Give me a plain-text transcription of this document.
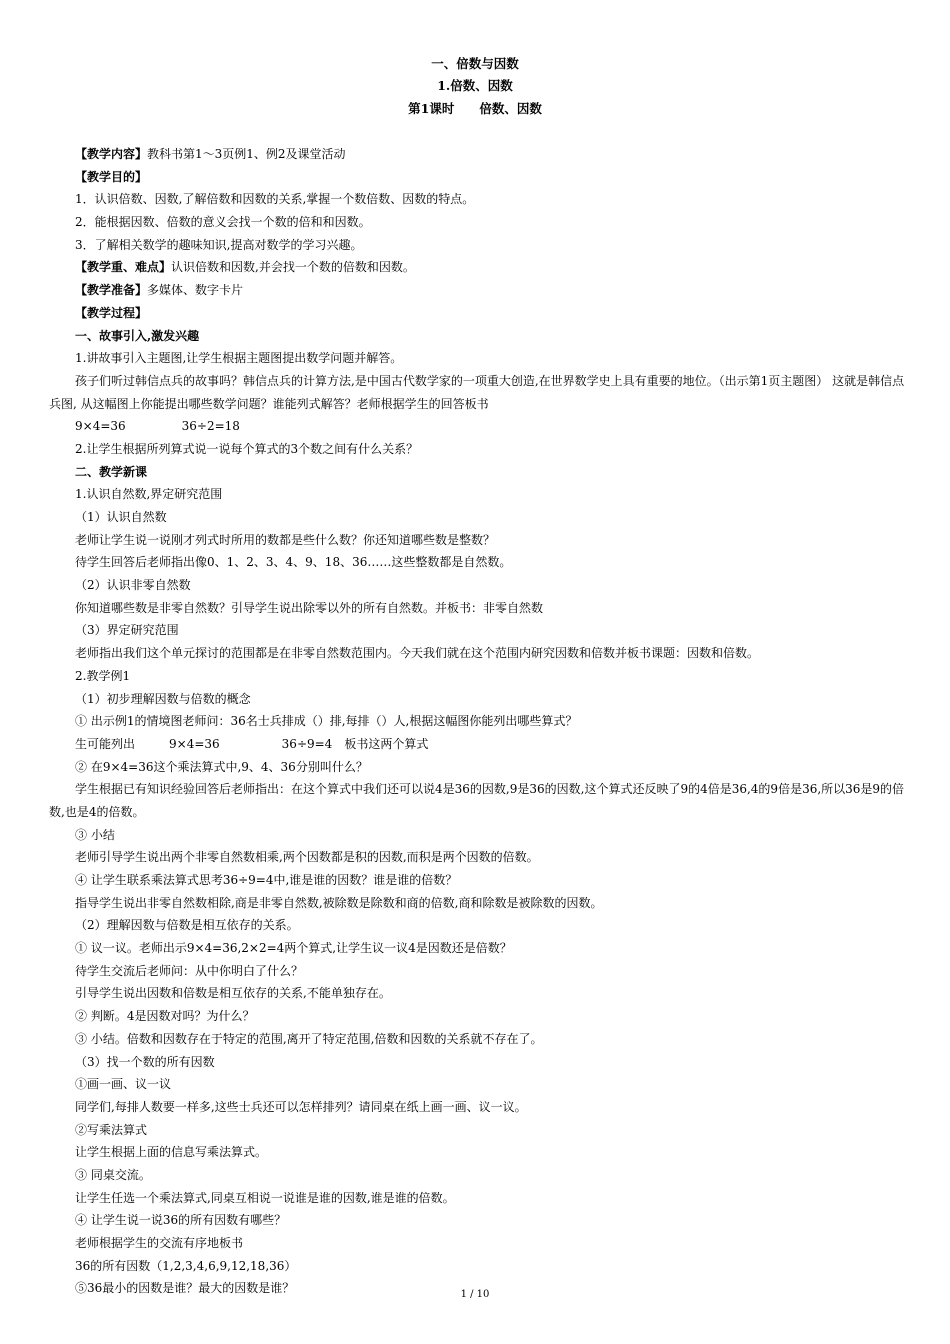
一、倍数与因数
1.倍数、因数
第1课时　　倍数、因数
【教学内容】教科书第1～3页例1、例2及课堂活动
【教学目的】
1．认识倍数、因数,了解倍数和因数的关系,掌握一个数倍数、因数的特点。
2．能根据因数、倍数的意义会找一个数的倍和和因数。
3．了解相关数学的趣味知识,提高对数学的学习兴趣。
【教学重、难点】认识倍数和因数,并会找一个数的倍数和因数。
【教学准备】多媒体、数字卡片
【教学过程】
一、故事引入,激发兴趣
1.讲故事引入主题图,让学生根据主题图提出数学问题并解答。
孩子们听过韩信点兵的故事吗？韩信点兵的计算方法,是中国古代数学家的一项重大创造,在世界数学史上具有重要的地位。（出示第1页主题图） 这就是韩信点兵图, 从这幅图上你能提出哪些数学问题？谁能列式解答？老师根据学生的回答板书
9×4=36	36÷2=18
2.让学生根据所列算式说一说每个算式的3个数之间有什么关系？
二、教学新课
1.认识自然数,界定研究范围
（1）认识自然数
老师让学生说一说刚才列式时所用的数都是些什么数？你还知道哪些数是整数？
待学生回答后老师指出像0、1、2、3、4、9、18、36……这些整数都是自然数。
（2）认识非零自然数
你知道哪些数是非零自然数？引导学生说出除零以外的所有自然数。并板书：非零自然数
（3）界定研究范围
老师指出我们这个单元探讨的范围都是在非零自然数范围内。今天我们就在这个范围内研究因数和倍数并板书课题：因数和倍数。
2.教学例1
（1）初步理解因数与倍数的概念
① 出示例1的情境图老师问：36名士兵排成（）排,每排（）人,根据这幅图你能列出哪些算式？
生可能列出	9×4=36	36÷9=4 板书这两个算式
② 在9×4=36这个乘法算式中,9、4、36分别叫什么？
学生根据已有知识经验回答后老师指出：在这个算式中我们还可以说4是36的因数,9是36的因数,这个算式还反映了9的4倍是36,4的9倍是36,所以36是9的倍数,也是4的倍数。
③ 小结
老师引导学生说出两个非零自然数相乘,两个因数都是积的因数,而积是两个因数的倍数。
④ 让学生联系乘法算式思考36÷9=4中,谁是谁的因数？谁是谁的倍数？
指导学生说出非零自然数相除,商是非零自然数,被除数是除数和商的倍数,商和除数是被除数的因数。
（2）理解因数与倍数是相互依存的关系。
① 议一议。老师出示9×4=36,2×2=4两个算式,让学生议一议4是因数还是倍数？
待学生交流后老师问：从中你明白了什么？
引导学生说出因数和倍数是相互依存的关系,不能单独存在。
② 判断。4是因数对吗？为什么？
③ 小结。倍数和因数存在于特定的范围,离开了特定范围,倍数和因数的关系就不存在了。
（3）找一个数的所有因数
①画一画、议一议
同学们,每排人数要一样多,这些士兵还可以怎样排列？请同桌在纸上画一画、议一议。
②写乘法算式
让学生根据上面的信息写乘法算式。
③ 同桌交流。
让学生任选一个乘法算式,同桌互相说一说谁是谁的因数,谁是谁的倍数。
④ 让学生说一说36的所有因数有哪些？
老师根据学生的交流有序地板书
36的所有因数（1,2,3,4,6,9,12,18,36）
⑤36最小的因数是谁？最大的因数是谁？	1 / 10
